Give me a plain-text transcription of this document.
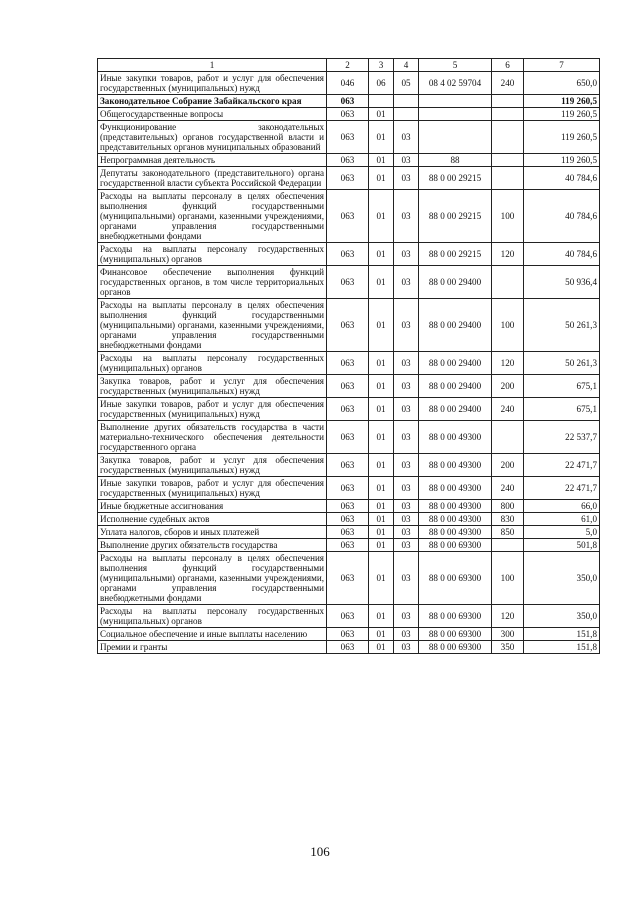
1	2	3	4	5	6	7
Иные закупки товаров, работ и услуг для обеспечения государственных (муниципальных) нужд	046	06	05	08 4 02 59704	240	650,0
Законодательное Собрание Забайкальского края	063					119 260,5
Общегосударственные вопросы	063	01				119 260,5
Функционирование законодательных (представительных) органов государственной власти и представительных органов муниципальных образований	063	01	03			119 260,5
Непрограммная деятельность	063	01	03	88		119 260,5
Депутаты законодательного (представительного) органа государственной власти субъекта Российской Федерации	063	01	03	88 0 00 29215		40 784,6
Расходы на выплаты персоналу в целях обеспечения выполнения функций государственными (муниципальными) органами, казенными учреждениями, органами управления государственными внебюджетными фондами	063	01	03	88 0 00 29215	100	40 784,6
Расходы на выплаты персоналу государственных (муниципальных) органов	063	01	03	88 0 00 29215	120	40 784,6
Финансовое обеспечение выполнения функций государственных органов, в том числе территориальных органов	063	01	03	88 0 00 29400		50 936,4
Расходы на выплаты персоналу в целях обеспечения выполнения функций государственными (муниципальными) органами, казенными учреждениями, органами управления государственными внебюджетными фондами	063	01	03	88 0 00 29400	100	50 261,3
Расходы на выплаты персоналу государственных (муниципальных) органов	063	01	03	88 0 00 29400	120	50 261,3
Закупка товаров, работ и услуг для обеспечения государственных (муниципальных) нужд	063	01	03	88 0 00 29400	200	675,1
Иные закупки товаров, работ и услуг для обеспечения государственных (муниципальных) нужд	063	01	03	88 0 00 29400	240	675,1
Выполнение других обязательств государства в части материально-технического обеспечения деятельности государственного органа	063	01	03	88 0 00 49300		22 537,7
Закупка товаров, работ и услуг для обеспечения государственных (муниципальных) нужд	063	01	03	88 0 00 49300	200	22 471,7
Иные закупки товаров, работ и услуг для обеспечения государственных (муниципальных) нужд	063	01	03	88 0 00 49300	240	22 471,7
Иные бюджетные ассигнования	063	01	03	88 0 00 49300	800	66,0
Исполнение судебных актов	063	01	03	88 0 00 49300	830	61,0
Уплата налогов, сборов и иных платежей	063	01	03	88 0 00 49300	850	5,0
Выполнение других обязательств государства	063	01	03	88 0 00 69300		501,8
Расходы на выплаты персоналу в целях обеспечения выполнения функций государственными (муниципальными) органами, казенными учреждениями, органами управления государственными внебюджетными фондами	063	01	03	88 0 00 69300	100	350,0
Расходы на выплаты персоналу государственных (муниципальных) органов	063	01	03	88 0 00 69300	120	350,0
Социальное обеспечение и иные выплаты населению	063	01	03	88 0 00 69300	300	151,8
Премии и гранты	063	01	03	88 0 00 69300	350	151,8
106
